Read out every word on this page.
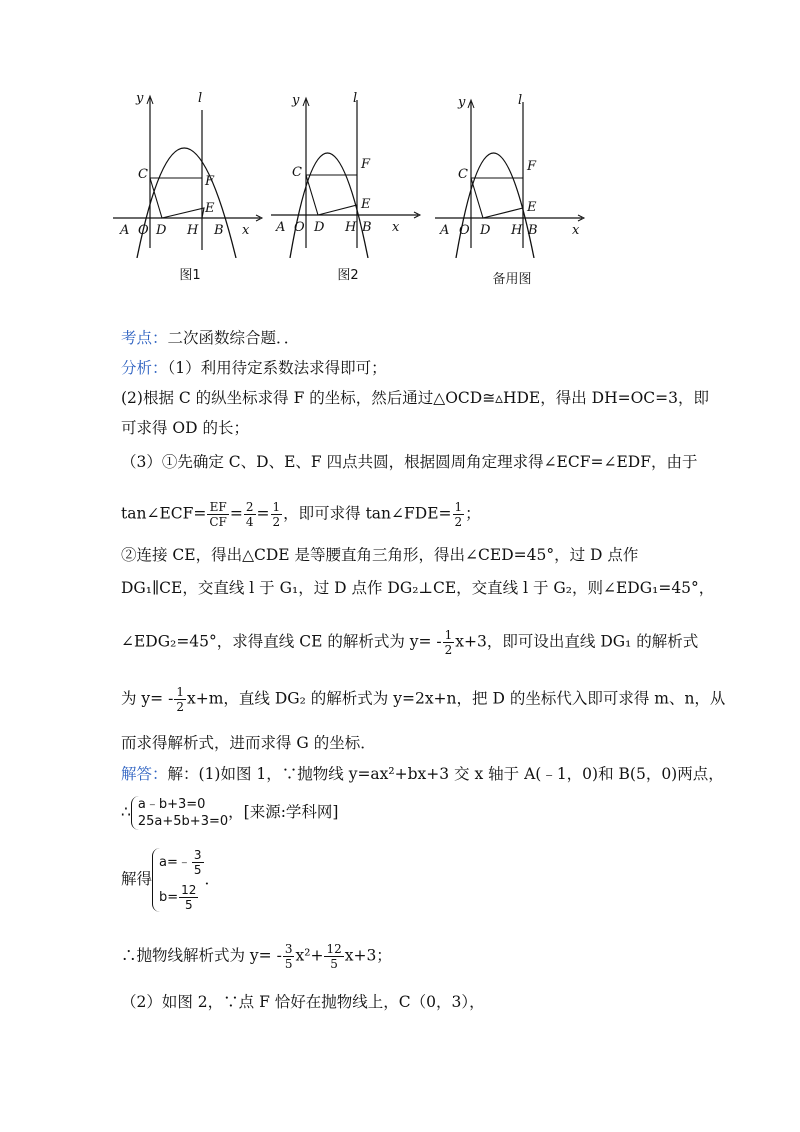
y	l
C	F
E
A O D H B x
图1
y	l
C
F
E
A O D H B x
图2
y	l
C
F
E
A O D H B	x
备用图
考点：二次函数综合题．．
分析：（1）利用待定系数法求得即可；
(2)根据 C 的纵坐标求得 F 的坐标，然后通过△OCD≅▵HDE，得出 DH=OC=3，即
可求得 OD 的长；
（3）①先确定 C、D、E、F 四点共圆，根据圆周角定理求得∠ECF=∠EDF，由于
tan∠ECF= $\frac{EF}{CF} = \frac{2}{4} = \frac{1}{2}$ ，即可求得 tan∠FDE= $\frac{1}{2}$ ；
②连接 CE，得出△CDE 是等腰直角三角形，得出∠CED=45°，过 D 点作
DG₁∥CE，交直线 l 于 G₁，过 D 点作 DG₂⊥CE，交直线 l 于 G₂，则∠EDG₁=45°，
∠EDG₂=45°，求得直线 CE 的解析式为 $y= - \frac{1}{2} x+3$，即可设出直线 DG₁ 的解析式
为 $y= - \frac{1}{2} x+m$，直线 DG₂ 的解析式为 y=2x+n，把 D 的坐标代入即可求得 m、n，从
而求得解析式，进而求得 G 的坐标．
解答：解：(1)如图 1，∵抛物线 y=ax²+bx+3 交 x 轴于 A(﹣1，0)和 B(5，0)两点，
∴ a﹣b+3=0
25a+5b+3=0
，[来源:学科网]
解得
a=﹣ $\frac{3}{5}$
$b= \frac{12}{5}$
．
∴抛物线解析式为 $y= - \frac{3}{5} x^2+ \frac{12}{5} x+3$；
（2）如图 2，∵点 F 恰好在抛物线上，C（0，3），
